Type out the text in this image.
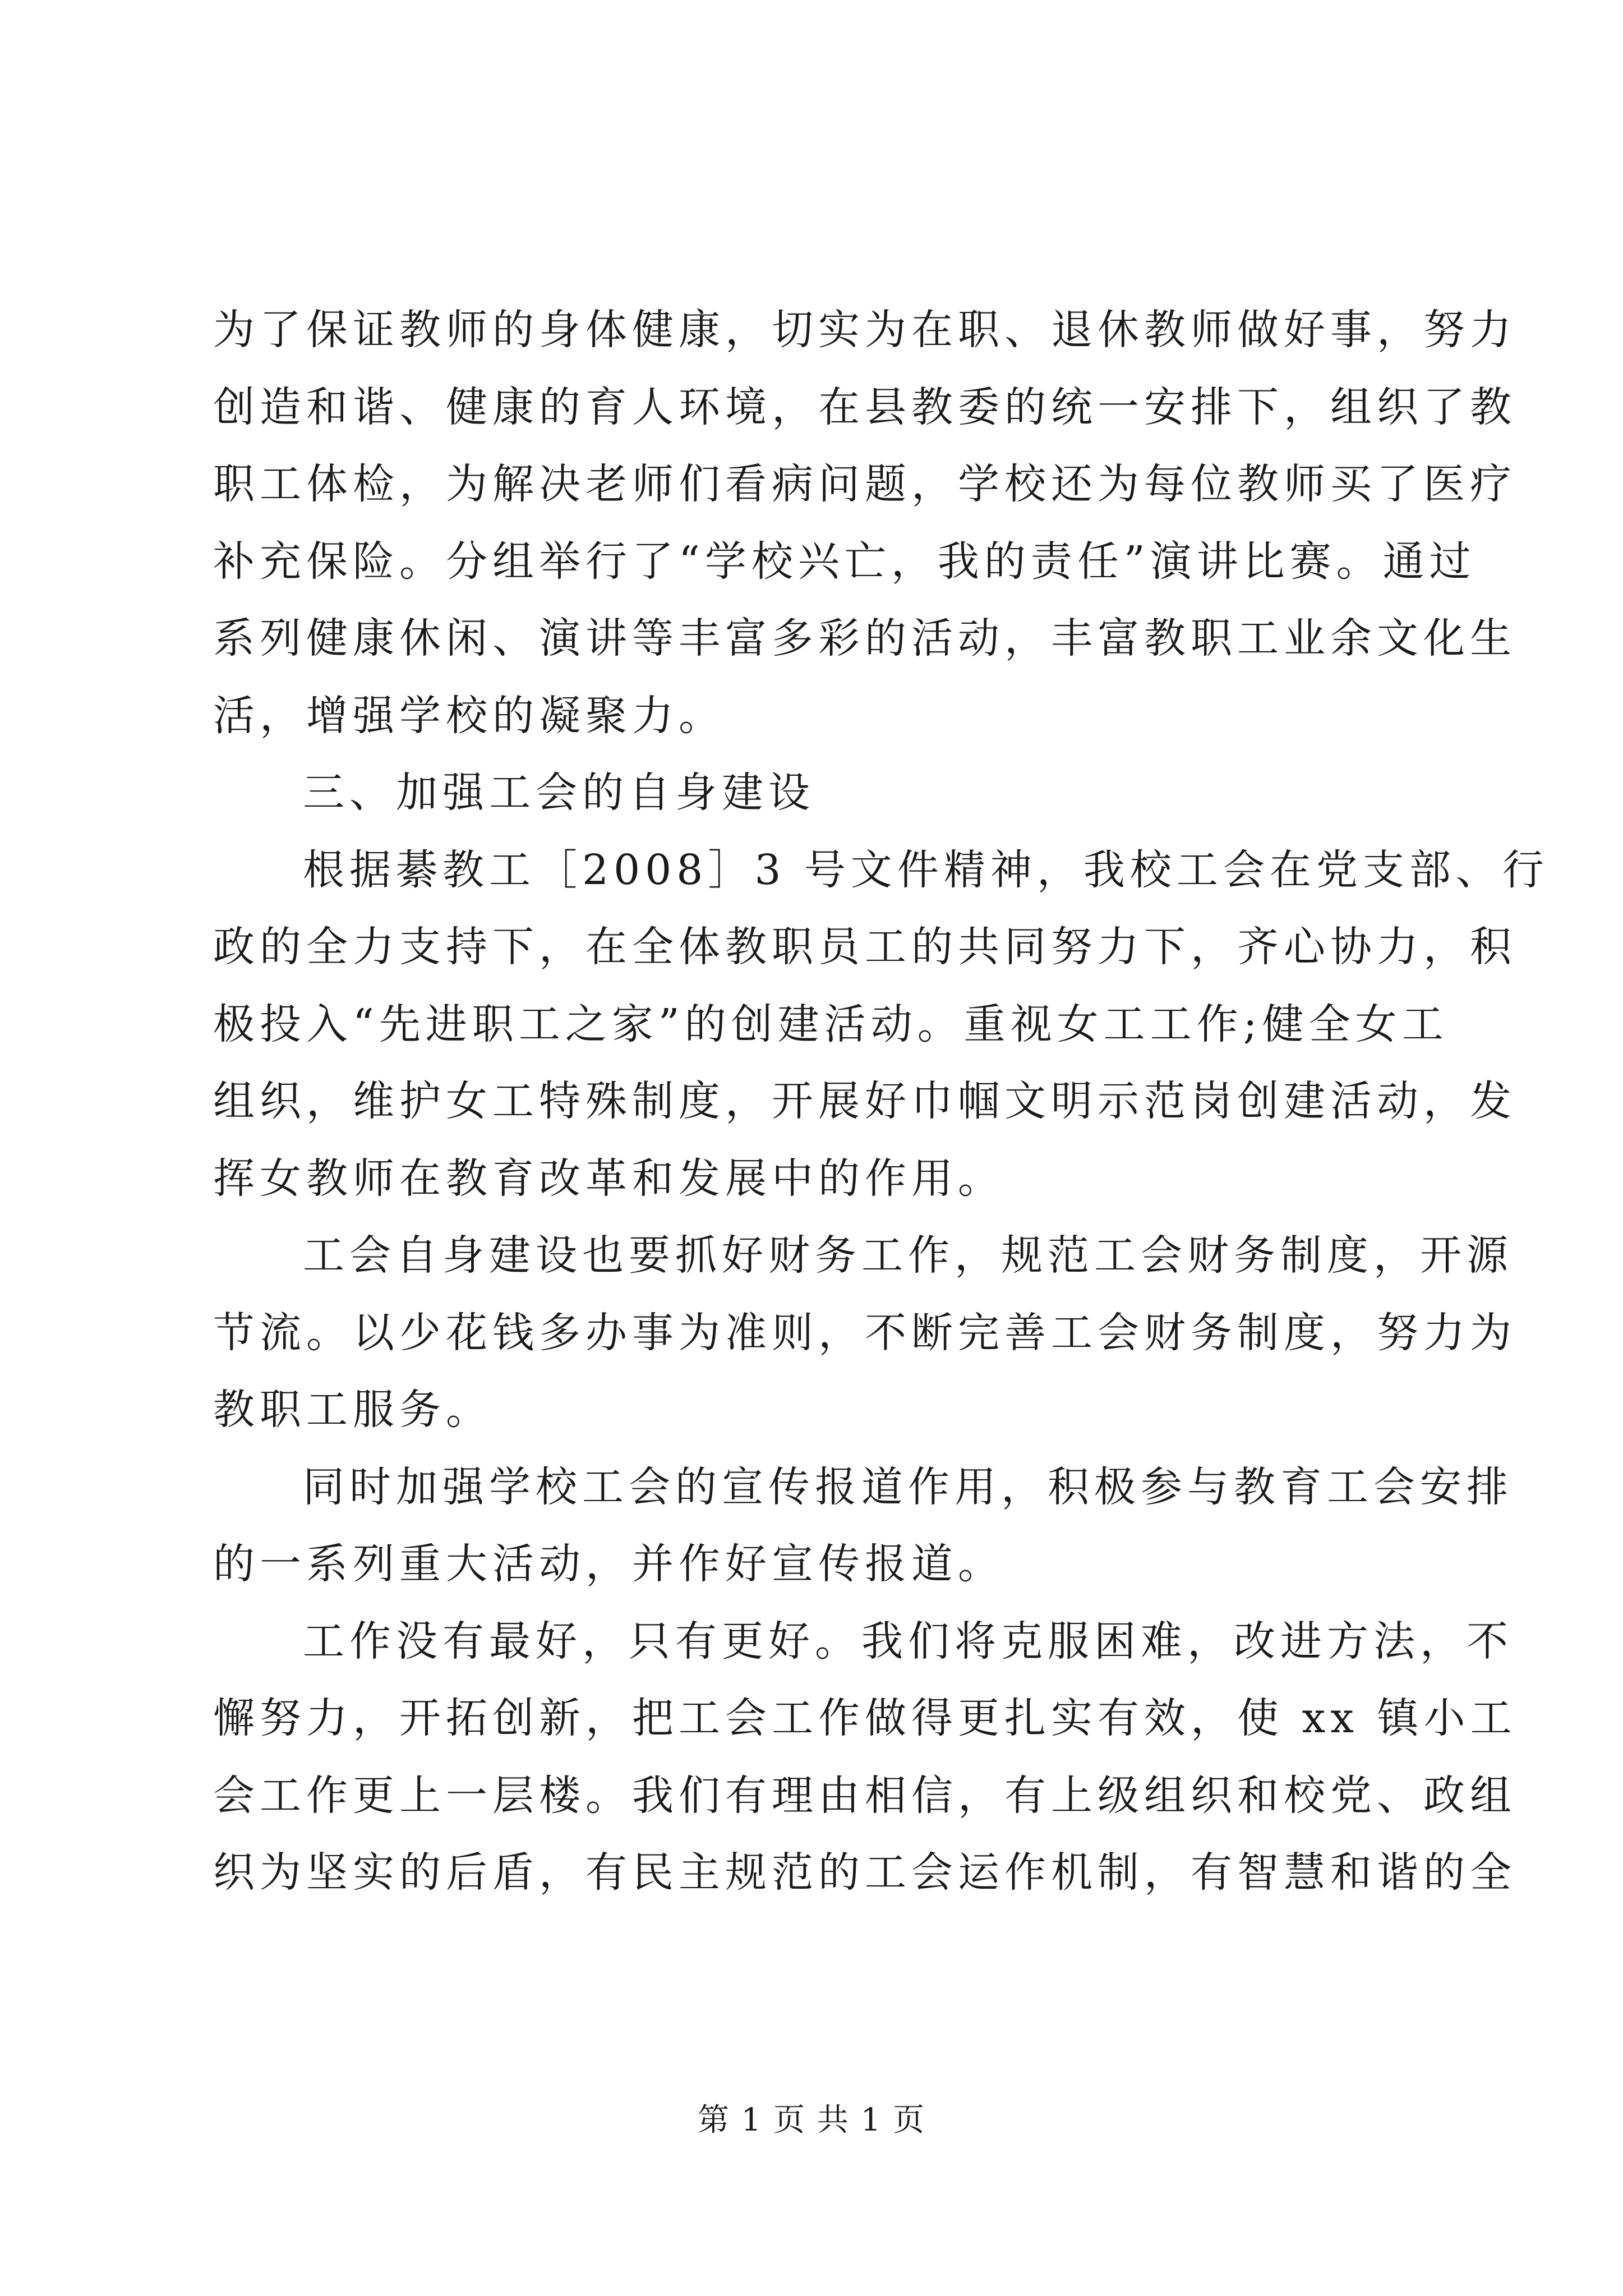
为了保证教师的身体健康，切实为在职、退休教师做好事，努力
创造和谐、健康的育人环境，在县教委的统一安排下，组织了教
职工体检，为解决老师们看病问题，学校还为每位教师买了医疗
补充保险。分组举行了“学校兴亡，我的责任”演讲比赛。通过
系列健康休闲、演讲等丰富多彩的活动，丰富教职工业余文化生
活，增强学校的凝聚力。
三、加强工会的自身建设
根据綦教工［2008］3 号文件精神，我校工会在党支部、行
政的全力支持下，在全体教职员工的共同努力下，齐心协力，积
极投入“先进职工之家”的创建活动。重视女工工作;健全女工
组织，维护女工特殊制度，开展好巾帼文明示范岗创建活动，发
挥女教师在教育改革和发展中的作用。
工会自身建设也要抓好财务工作，规范工会财务制度，开源
节流。以少花钱多办事为准则，不断完善工会财务制度，努力为
教职工服务。
同时加强学校工会的宣传报道作用，积极参与教育工会安排
的一系列重大活动，并作好宣传报道。
工作没有最好，只有更好。我们将克服困难，改进方法，不
懈努力，开拓创新，把工会工作做得更扎实有效，使 xx 镇小工
会工作更上一层楼。我们有理由相信，有上级组织和校党、政组
织为坚实的后盾，有民主规范的工会运作机制，有智慧和谐的全
第 1 页 共 1 页
